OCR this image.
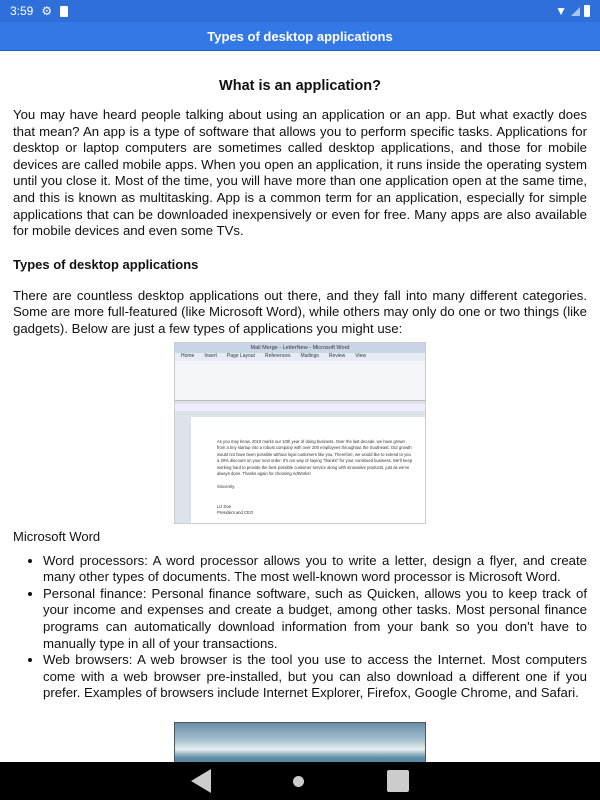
3:59 ⚙	▼
Types of desktop applications
What is an application?

You may have heard people talking about using an application or an app. But what exactly does that mean? An app is a type of software that allows you to perform specific tasks. Applications for desktop or laptop computers are sometimes called desktop applications, and those for mobile devices are called mobile apps. When you open an application, it runs inside the operating system until you close it. Most of the time, you will have more than one application open at the same time, and this is known as multitasking. App is a common term for an application, especially for simple applications that can be downloaded inexpensively or even for free. Many apps are also available for mobile devices and even some TVs.

Types of desktop applications

There are countless desktop applications out there, and they fall into many different categories. Some are more full-featured (like Microsoft Word), while others may only do one or two things (like gadgets). Below are just a few types of applications you might use:

Mail Merge - LetterNew - Microsoft Word
Home Insert Page Layout References Mailings Review View
As you may know, 2010 marks our 10th year of doing business. Over the last decade, we have grown from a tiny startup into a robust company with over 200 employees throughout the Southeast. Our growth would not have been possible without loyal customers like you. Therefore, we would like to extend to you a 20% discount on your next order. It's our way of saying "thanks" for your continued business. We'll keep working hard to provide the best possible customer service along with innovative products, just as we've always done. Thanks again for choosing AdWorks!

Sincerely,

Liz Doe
President and CEO
Microsoft Word
• Word processors: A word processor allows you to write a letter, design a flyer, and create many other types of documents. The most well-known word processor is Microsoft Word.
• Personal finance: Personal finance software, such as Quicken, allows you to keep track of your income and expenses and create a budget, among other tasks. Most personal finance programs can automatically download information from your bank so you don't have to manually type in all of your transactions.
• Web browsers: A web browser is the tool you use to access the Internet. Most computers come with a web browser pre-installed, but you can also download a different one if you prefer. Examples of browsers include Internet Explorer, Firefox, Google Chrome, and Safari.
